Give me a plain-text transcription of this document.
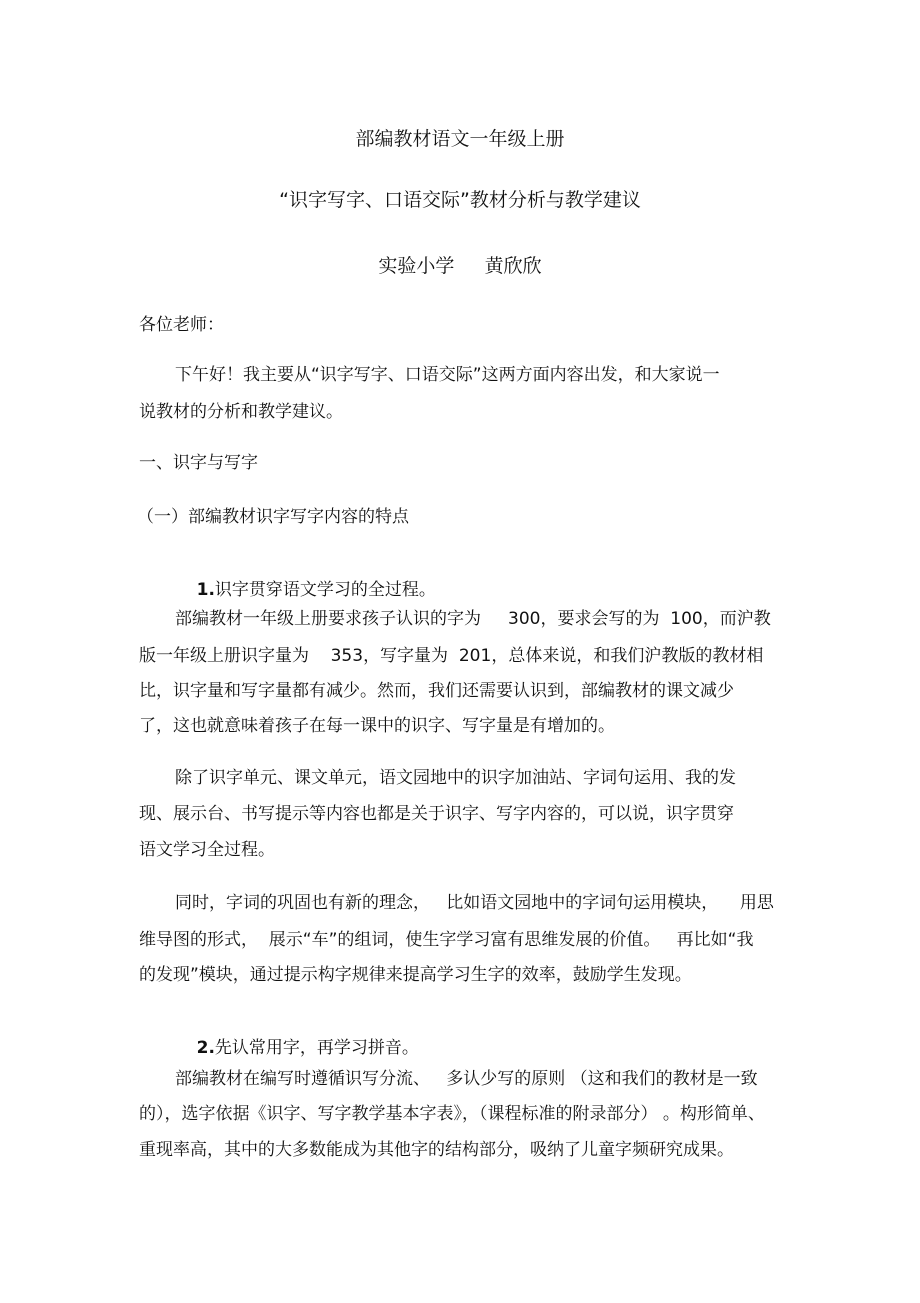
部编教材语文一年级上册
“识字写字、口语交际”教材分析与教学建议
实验小学     黄欣欣
各位老师：
下午好！我主要从“识字写字、口语交际”这两方面内容出发，和大家说一
说教材的分析和教学建议。
一、识字与写字
（一）部编教材识字写字内容的特点

1.识字贯穿语文学习的全过程。

部编教材一年级上册要求孩子认识的字为     300，要求会写的为  100，而沪教
版一年级上册识字量为    353，写字量为  201，总体来说，和我们沪教版的教材相
比，识字量和写字量都有减少。然而，我们还需要认识到，部编教材的课文减少
了，这也就意味着孩子在每一课中的识字、写字量是有增加的。
除了识字单元、课文单元，语文园地中的识字加油站、字词句运用、我的发
现、展示台、书写提示等内容也都是关于识字、写字内容的，可以说，识字贯穿
语文学习全过程。
同时，字词的巩固也有新的理念，   比如语文园地中的字词句运用模块，    用思
维导图的形式，  展示“车”的组词，使生字学习富有思维发展的价值。   再比如“我
的发现”模块，通过提示构字规律来提高学习生字的效率，鼓励学生发现。

2.先认常用字，再学习拼音。

部编教材在编写时遵循识写分流、   多认少写的原则 （这和我们的教材是一致
的），选字依据《识字、写字教学基本字表》，（课程标准的附录部分） 。构形简单、
重现率高，其中的大多数能成为其他字的结构部分，吸纳了儿童字频研究成果。
